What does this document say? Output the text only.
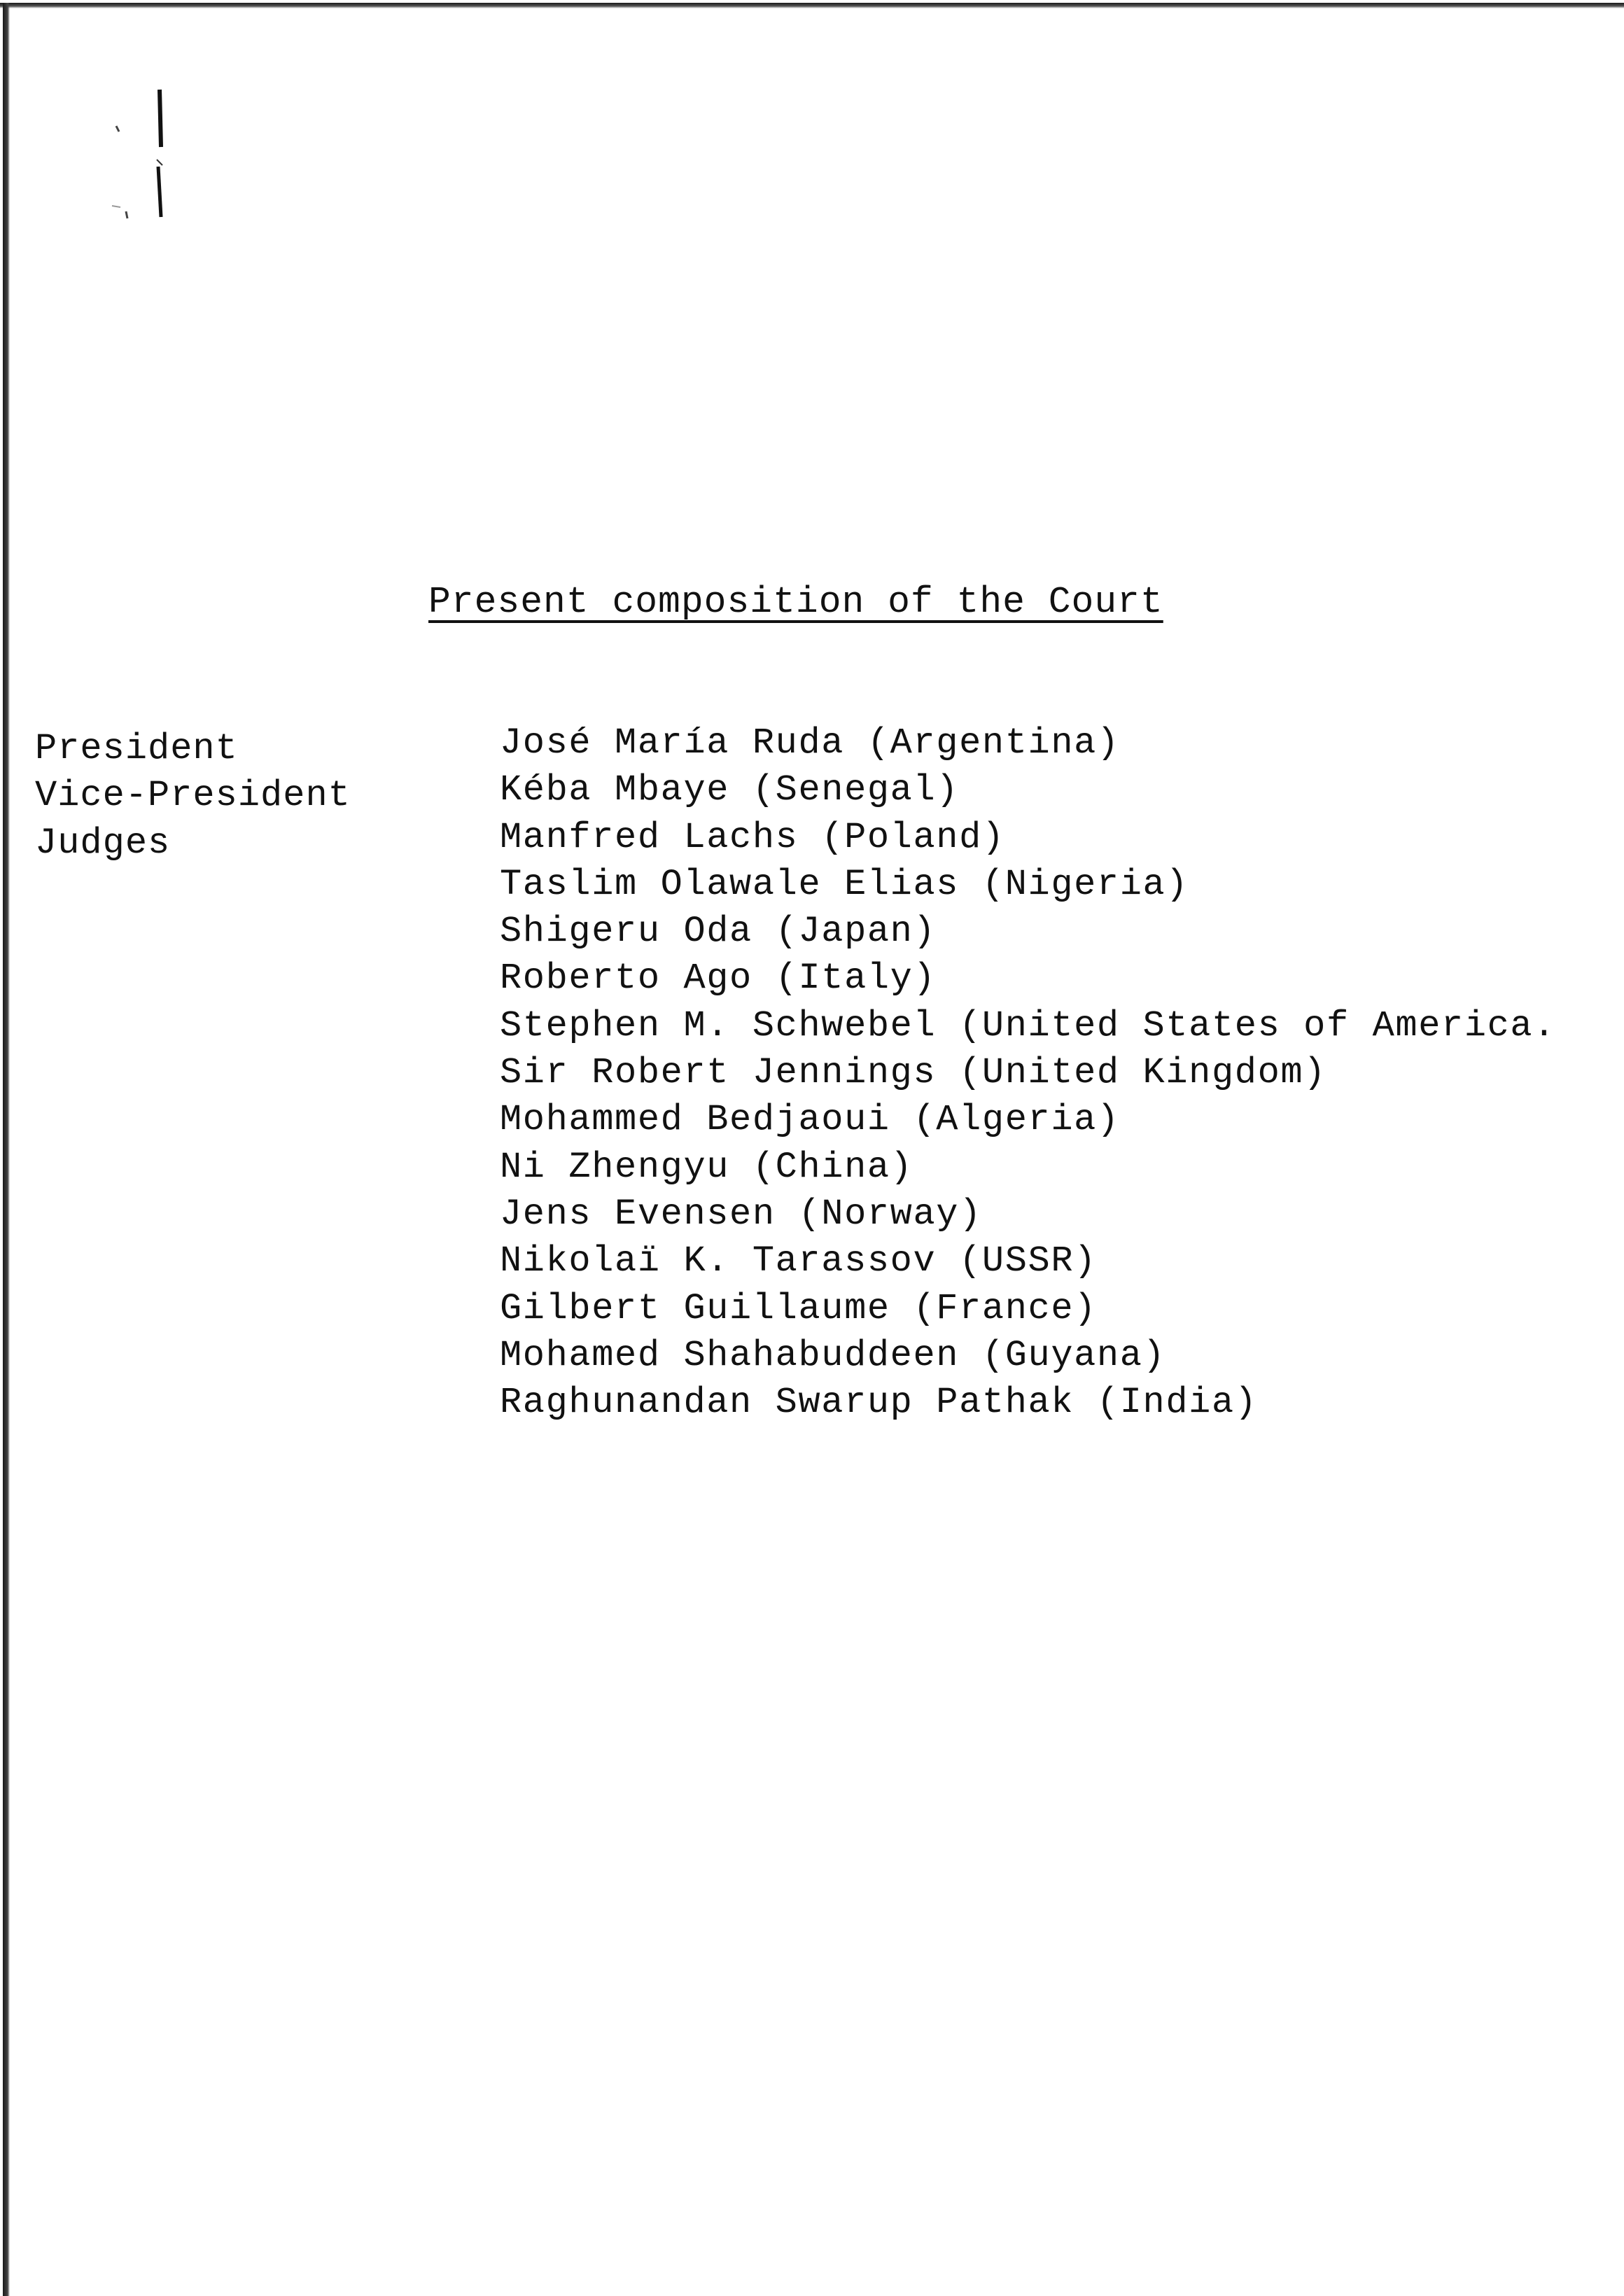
Present composition of the Court
President
Vice-President
Judges
José María Ruda (Argentina)
Kéba Mbaye (Senegal)
Manfred Lachs (Poland)
Taslim Olawale Elias (Nigeria)
Shigeru Oda (Japan)
Roberto Ago (Italy)
Stephen M. Schwebel (United States of America.
Sir Robert Jennings (United Kingdom)
Mohammed Bedjaoui (Algeria)
Ni Zhengyu (China)
Jens Evensen (Norway)
Nikolaï K. Tarassov (USSR)
Gilbert Guillaume (France)
Mohamed Shahabuddeen (Guyana)
Raghunandan Swarup Pathak (India)
